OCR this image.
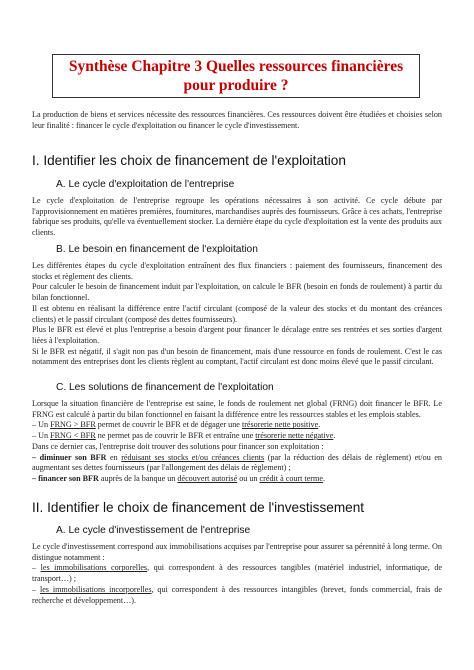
Synthèse Chapitre 3 Quelles ressources financières
pour produire ?

La production de biens et services nécessite des ressources financières. Ces ressources doivent être étudiées et choisies selon leur finalité : financer le cycle d'exploitation ou financer le cycle d'investissement.

I. Identifier les choix de financement de l'exploitation
A. Le cycle d'exploitation de l'entreprise

Le cycle d'exploitation de l'entreprise regroupe les opérations nécessaires à son activité. Ce cycle débute par l'approvisionnement en matières premières, fournitures, marchandises auprès des fournisseurs. Grâce à ces achats, l'entreprise fabrique ses produits, qu'elle va éventuellement stocker. La dernière étape du cycle d'exploitation est la vente des produits aux clients.

B. Le besoin en financement de l'exploitation

Les différentes étapes du cycle d'exploitation entraînent des flux financiers : paiement des fournisseurs, financement des stocks et règlement des clients.

Pour calculer le besoin de financement induit par l'exploitation, on calcule le BFR (besoin en fonds de roulement) à partir du bilan fonctionnel.

Il est obtenu en réalisant la différence entre l'actif circulant (composé de la valeur des stocks et du montant des créances clients) et le passif circulant (composé des dettes fournisseurs).

Plus le BFR est élevé et plus l'entreprise a besoin d'argent pour financer le décalage entre ses rentrées et ses sorties d'argent liées à l'exploitation.

Si le BFR est négatif, il s'agit non pas d'un besoin de financement, mais d'une ressource en fonds de roulement. C'est le cas notamment des entreprises dont les clients règlent au comptant, l'actif circulant est donc moins élevé que le passif circulant.

C. Les solutions de financement de l'exploitation

Lorsque la situation financière de l'entreprise est saine, le fonds de roulement net global (FRNG) doit financer le BFR. Le FRNG est calculé à partir du bilan fonctionnel en faisant la différence entre les ressources stables et les emplois stables.

– Un FRNG > BFR permet de couvrir le BFR et de dégager une trésorerie nette positive.

– Un FRNG < BFR ne permet pas de couvrir le BFR et entraîne une trésorerie nette négative.

Dans ce dernier cas, l'entreprise doit trouver des solutions pour financer son exploitation :

– diminuer son BFR en réduisant ses stocks et/ou créances clients (par la réduction des délais de règlement) et/ou en augmentant ses dettes fournisseurs (par l'allongement des délais de règlement) ;

– financer son BFR auprès de la banque un découvert autorisé ou un crédit à court terme.

II. Identifier le choix de financement de l'investissement
A. Le cycle d'investissement de l'entreprise

Le cycle d'investissement correspond aux immobilisations acquises par l'entreprise pour assurer sa pérennité à long terme. On distingue notamment :

– les immobilisations corporelles, qui correspondent à des ressources tangibles (matériel industriel, informatique, de transport…) ;

– les immobilisations incorporelles, qui correspondent à des ressources intangibles (brevet, fonds commercial, frais de recherche et développement…).
